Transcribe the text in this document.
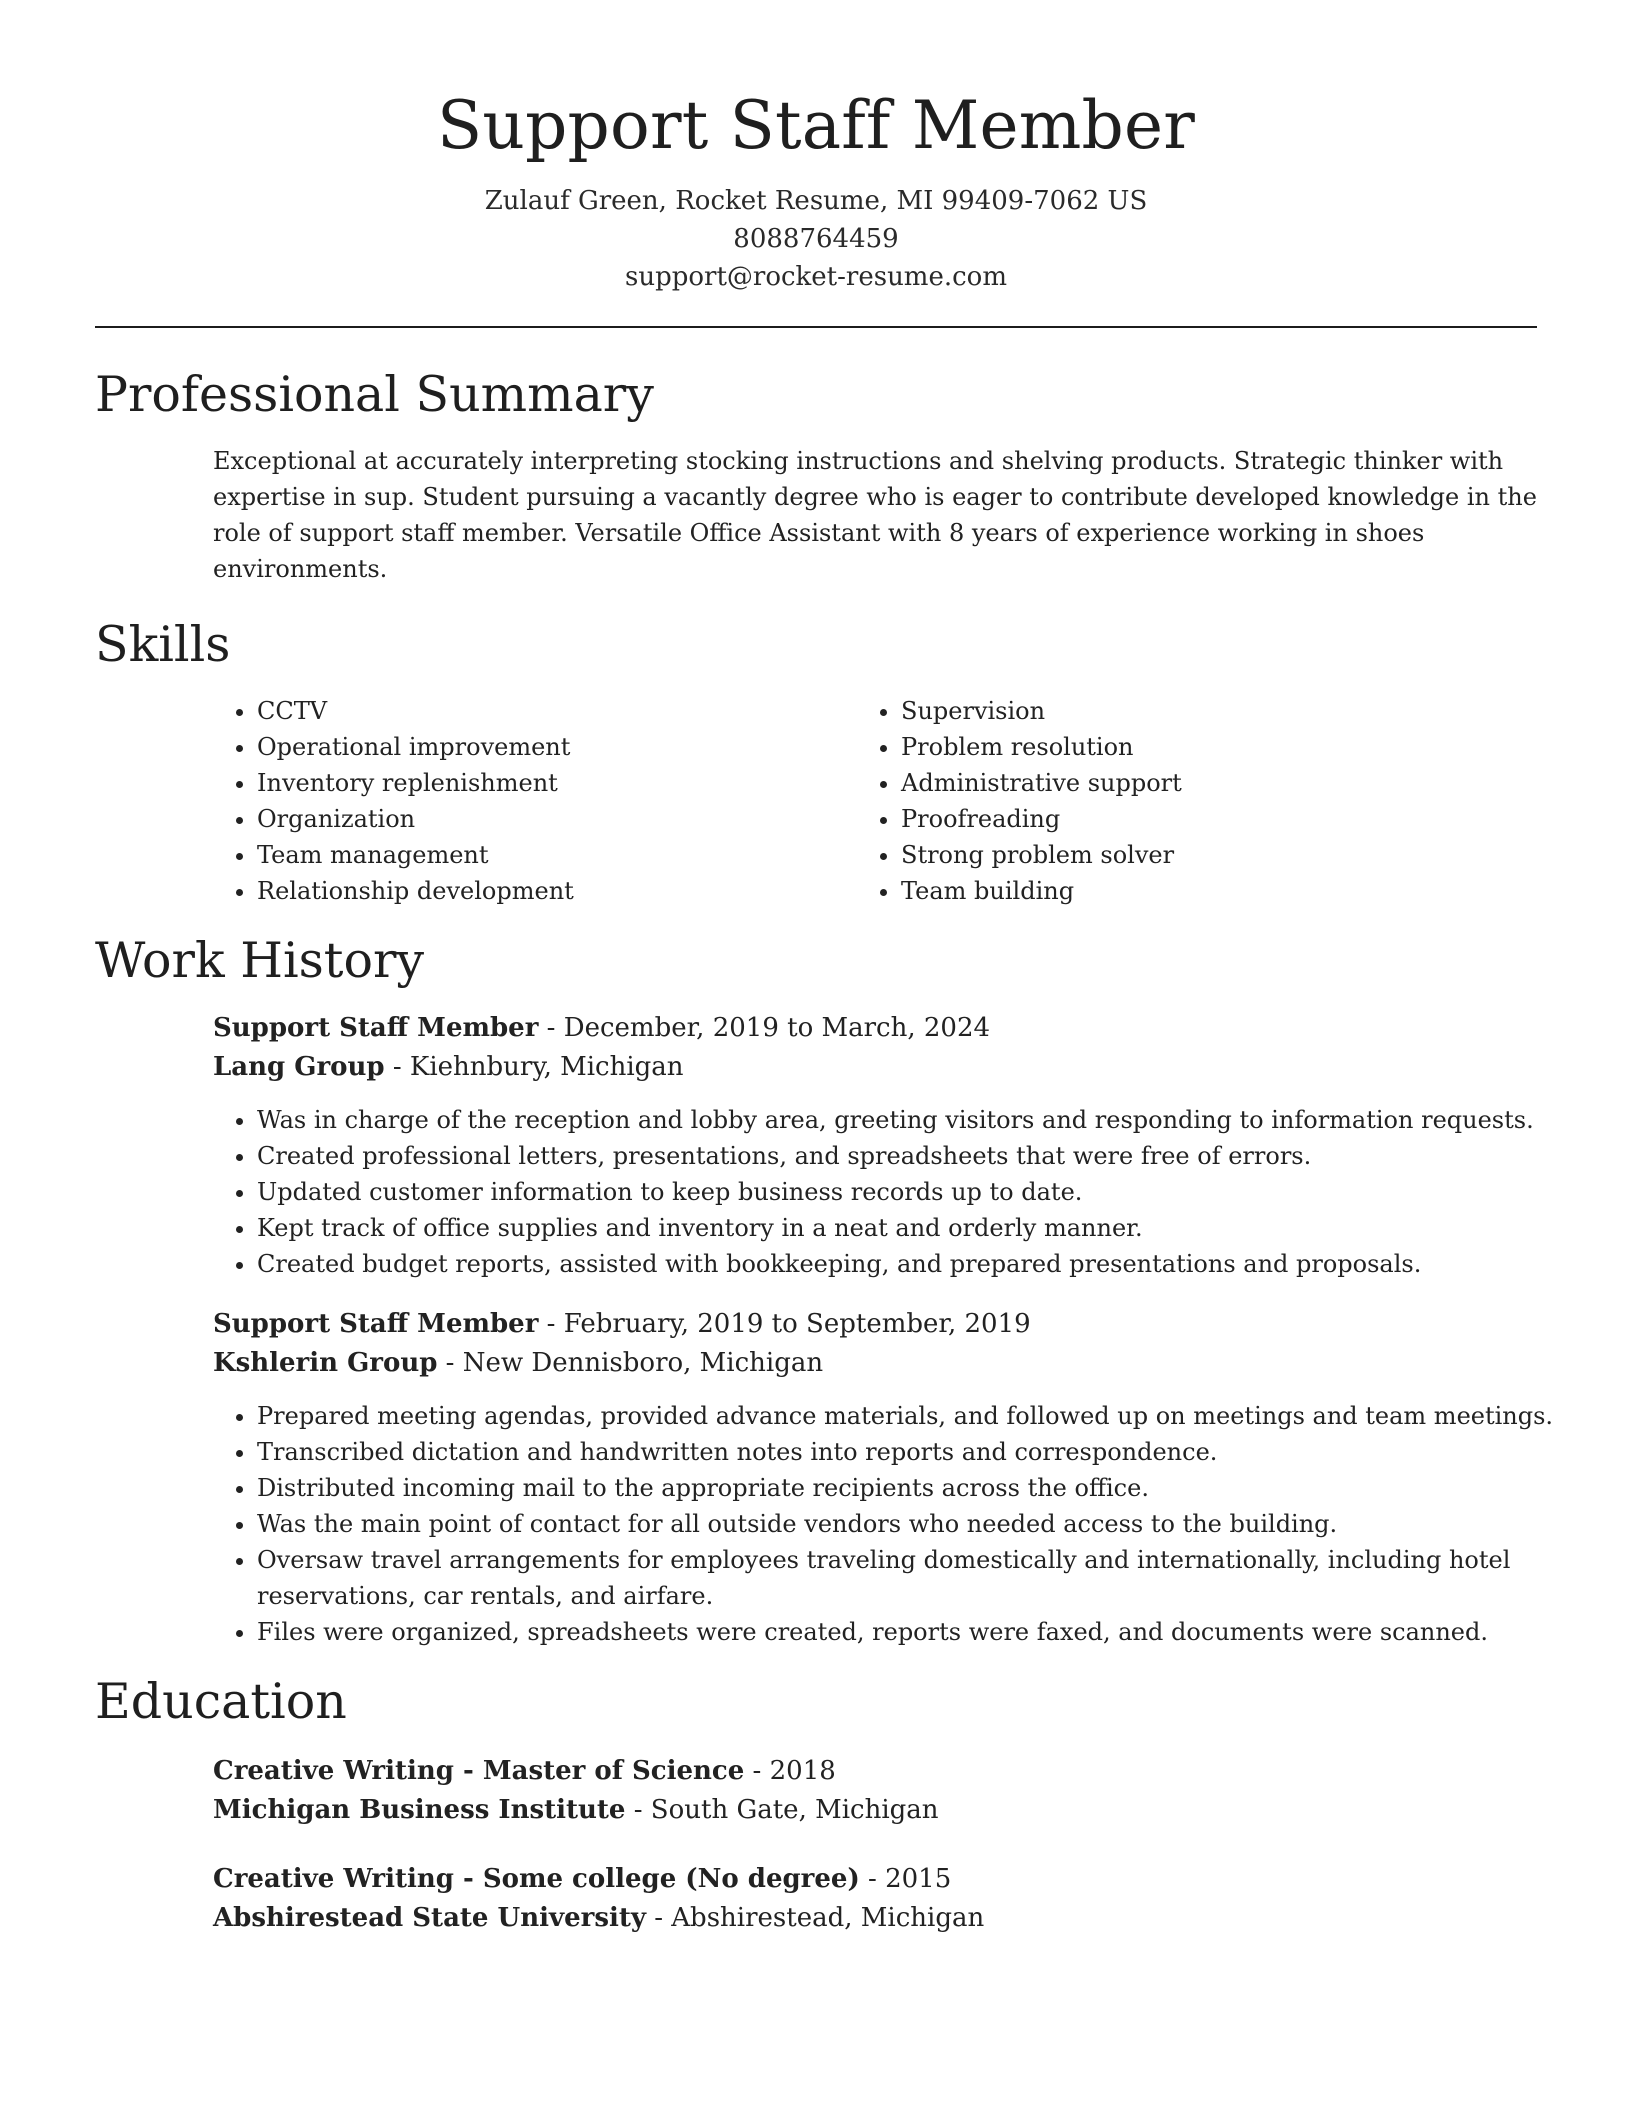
Support Staff Member
Zulauf Green, Rocket Resume, MI 99409-7062 US
8088764459
support@rocket-resume.com
Professional Summary

Exceptional at accurately interpreting stocking instructions and shelving products. Strategic thinker with expertise in sup. Student pursuing a vacantly degree who is eager to contribute developed knowledge in the role of support staff member. Versatile Office Assistant with 8 years of experience working in shoes environments.

Skills
• CCTV
• Operational improvement
• Inventory replenishment
• Organization
• Team management
• Relationship development
• Supervision
• Problem resolution
• Administrative support
• Proofreading
• Strong problem solver
• Team building
Work History
Support Staff Member - December, 2019 to March, 2024
Lang Group - Kiehnbury, Michigan
• Was in charge of the reception and lobby area, greeting visitors and responding to information requests.
• Created professional letters, presentations, and spreadsheets that were free of errors.
• Updated customer information to keep business records up to date.
• Kept track of office supplies and inventory in a neat and orderly manner.
• Created budget reports, assisted with bookkeeping, and prepared presentations and proposals.
Support Staff Member - February, 2019 to September, 2019
Kshlerin Group - New Dennisboro, Michigan
• Prepared meeting agendas, provided advance materials, and followed up on meetings and team meetings.
• Transcribed dictation and handwritten notes into reports and correspondence.
• Distributed incoming mail to the appropriate recipients across the office.
• Was the main point of contact for all outside vendors who needed access to the building.
• Oversaw travel arrangements for employees traveling domestically and internationally, including hotel reservations, car rentals, and airfare.
• Files were organized, spreadsheets were created, reports were faxed, and documents were scanned.
Education
Creative Writing - Master of Science - 2018
Michigan Business Institute - South Gate, Michigan
Creative Writing - Some college (No degree) - 2015
Abshirestead State University - Abshirestead, Michigan
